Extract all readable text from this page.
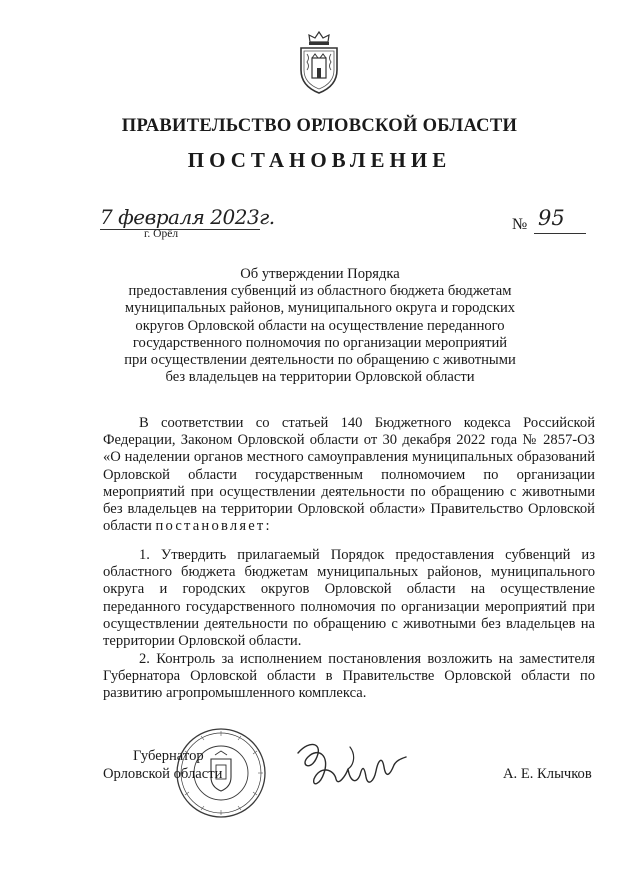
ПРАВИТЕЛЬСТВО ОРЛОВСКОЙ ОБЛАСТИ
ПОСТАНОВЛЕНИЕ
7 февраля 2023г.
г. Орёл
№ 95
Об утверждении Порядка
предоставления субвенций из областного бюджета бюджетам
муниципальных районов, муниципального округа и городских
округов Орловской области на осуществление переданного
государственного полномочия по организации мероприятий
при осуществлении деятельности по обращению с животными
без владельцев на территории Орловской области
В соответствии со статьей 140 Бюджетного кодекса Российской Федерации, Законом Орловской области от 30 декабря 2022 года № 2857-ОЗ «О наделении органов местного самоуправления муниципальных образований Орловской области государственным полномочием по организации мероприятий при осуществлении деятельности по обращению с животными без владельцев на территории Орловской области» Правительство Орловской области постановляет:
1. Утвердить прилагаемый Порядок предоставления субвенций из областного бюджета бюджетам муниципальных районов, муниципального округа и городских округов Орловской области на осуществление переданного государственного полномочия по организации мероприятий при осуществлении деятельности по обращению с животными без владельцев на территории Орловской области.
2. Контроль за исполнением постановления возложить на заместителя Губернатора Орловской области в Правительстве Орловской области по развитию агропромышленного комплекса.
Губернатор
Орловской области	А. Е. Клычков
